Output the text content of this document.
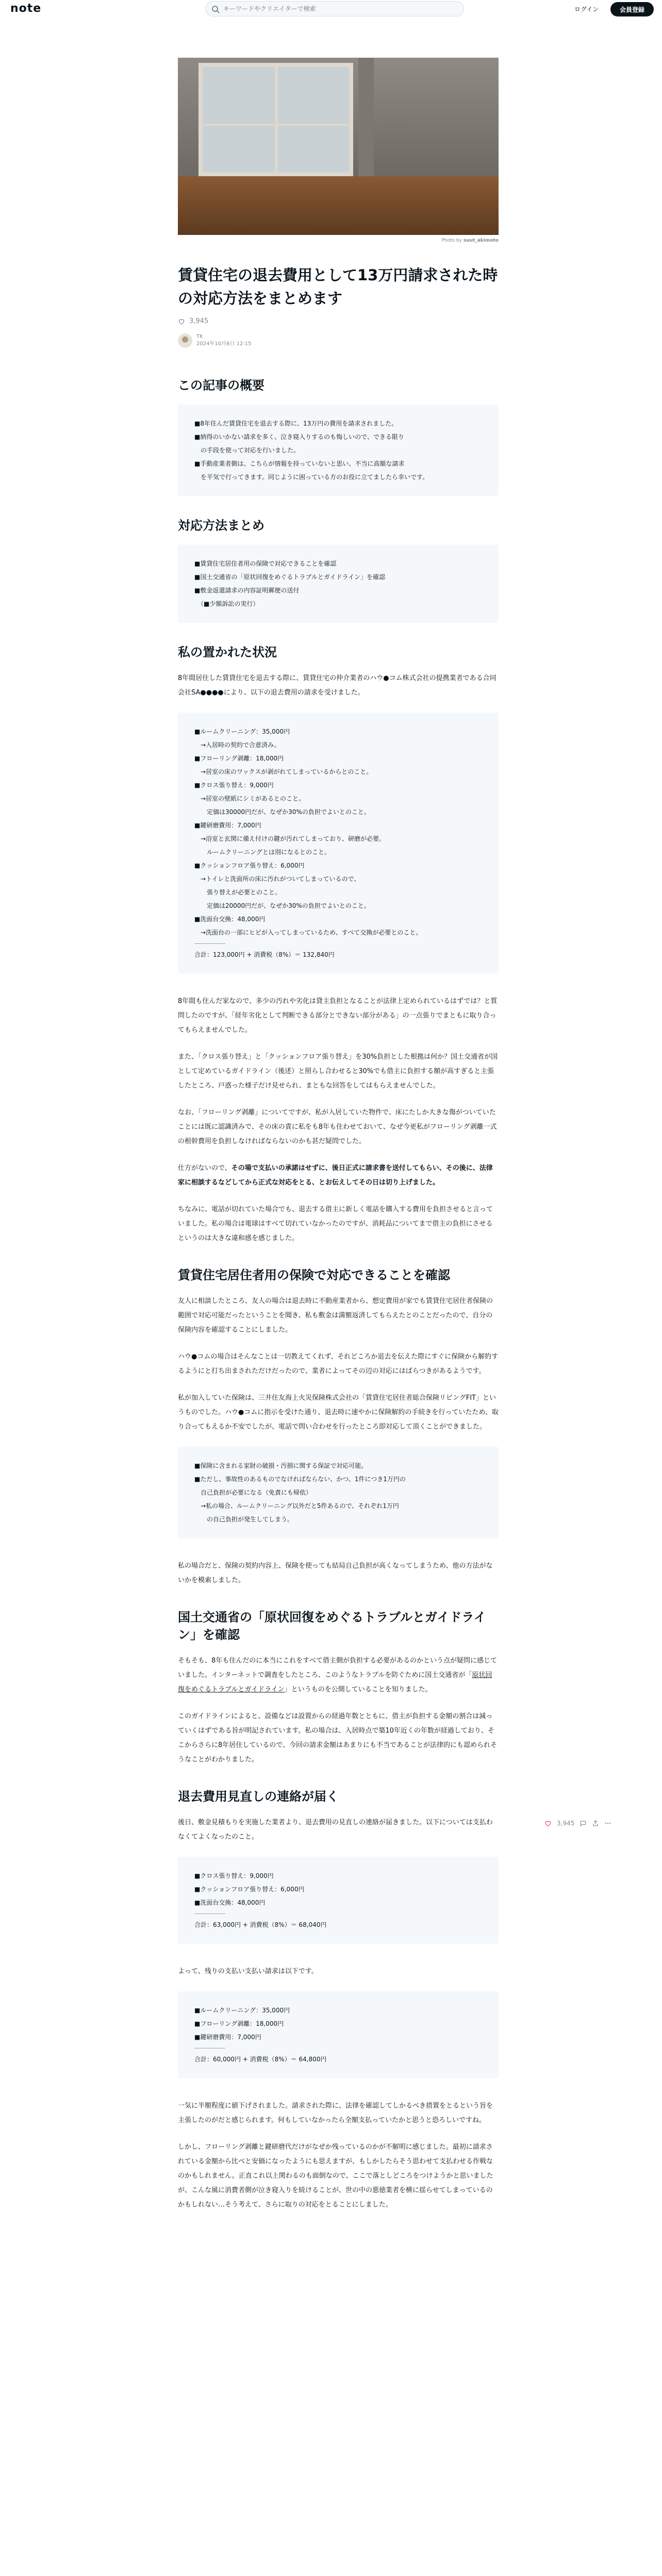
note
キーワードやクリエイターで検索	ログイン	会員登録
Photo by suut_akimoto
賃貸住宅の退去費用として13万円請求された時の対応方法をまとめます
3,945
TK
2024年10月6日 12:15
この記事の概要
■8年住んだ賃貸住宅を退去する際に、13万円の費用を請求されました。
■納得のいかない請求を多く、泣き寝入りするのも悔しいので、できる限り
　の手段を使って対応を行いました。
■手動産業者側は、こちらが情報を持っていないと思い、不当に高額な請求
　を平気で行ってきます。同じように困っている方のお役に立てましたら幸いです。
対応方法まとめ
■賃貸住宅居住者用の保険で対応できることを確認
■国土交通省の「原状回復をめぐるトラブルとガイドライン」を確認
■敷金返還請求の内容証明郵便の送付
　（■少額訴訟の実行）
私の置かれた状況

8年間居住した賃貸住宅を退去する際に、賃貸住宅の仲介業者のハウ●コム株式会社の提携業者である合同会社SA●●●●により、以下の退去費用の請求を受けました。

■ルームクリーニング：35,000円
　→入居時の契約で合意済み。
■フローリング剥離：18,000円
　→居室の床のワックスが剥がれてしまっているからとのこと。
■クロス張り替え：9,000円
　→居室の壁紙にシミがあるとのこと。
　　定価は30000円だが、なぜか30%の負担でよいとのこと。
■鍵研磨費用：7,000円
　→浴室と玄関に備え付けの鍵が汚れてしまっており、研磨が必要。
　　ルームクリーニングとは別になるとのこと。
■クッションフロア張り替え：6,000円
　→トイレと洗面所の床に汚れがついてしまっているので、
　　張り替えが必要とのこと。
　　定価は20000円だが、なぜか30%の負担でよいとのこと。
■洗面台交換：48,000円
　→洗面台の一部にヒビが入ってしまっているため、すべて交換が必要とのこと。
合計：123,000円 + 消費税（8%）＝ 132,840円

8年間も住んだ家なので、多少の汚れや劣化は貸主負担となることが法律上定められているはずでは？と質問したのですが、「経年劣化として判断できる部分とできない部分がある」の一点張りでまともに取り合ってもらえませんでした。

また、「クロス張り替え」と「クッションフロア張り替え」を30%負担とした根拠は何か？国土交通省が国として定めているガイドライン（後述）と照らし合わせると30%でも借主に負担する額が高すぎると主張したところ、戸惑った様子だけ見せられ、まともな回答をしてはもらえませんでした。

なお、「フローリング剥離」についてですが、私が入居していた物件で、床にたしか大きな傷がついていたことには既に認識済みで、その床の責に私をも8年も住わせておいて、なぜ今更私がフローリング剥離一式の根幹費用を負担しなければならないのかも甚だ疑問でした。

仕方がないので、その場で支払いの承諾はせずに、後日正式に請求書を送付してもらい、その後に、法律家に相談するなどしてから正式な対応をとる、とお伝えしてその日は切り上げました。

ちなみに、電話が切れていた場合でも、退去する借主に新しく電話を購入する費用を負担させると言っていました。私の場合は電球はすべて切れていなかったのですが、消耗品についてまで借主の負担にさせるというのは大きな違和感を感じました。

賃貸住宅居住者用の保険で対応できることを確認

友人に相談したところ、友人の場合は退去時に不動産業者から、想定費用が家でも賃貸住宅居住者保険の範囲で対応可能だったということを聞き、私も敷金は満額返済してもらえたとのことだったので、自分の保険内容を確認することにしました。

ハウ●コムの場合はそんなことは一切教えてくれず、それどころか退去を伝えた際にすぐに保険から解約するようにと打ち出まされただけだったので、業者によってその辺の対応にはばらつきがあるようです。

私が加入していた保険は、三井住友海上火災保険株式会社の「賃貸住宅居住者総合保険リビングFIT」というものでした。ハウ●コムに指示を受けた通り、退去時に速やかに保険解約の手続きを行っていたため、取り合ってもえるか不安でしたが、電話で問い合わせを行ったところ即対応して頂くことができました。

■保険に含まれる家財の破損・汚損に関する保証で対応可能。
■ただし、事故性のあるものでなければならない、かつ、1件につき1万円の
　自己負担が必要になる（免責にも帰依）
　→私の場合、ルームクリーニング以外だと5件あるので、それぞれ1万円
　　の自己負担が発生してしまう。

私の場合だと、保険の契約内容上、保険を使っても結局自己負担が高くなってしまうため、他の方法がないかを模索しました。

国土交通省の「原状回復をめぐるトラブルとガイドライン」を確認

そもそも、8年も住んだのに本当にこれをすべて借主側が負担する必要があるのかという点が疑問に感じていました。インターネットで調査をしたところ、このようなトラブルを防ぐために国土交通省が「原状回復をめぐるトラブルとガイドライン」というものを公開していることを知りました。

このガイドラインによると、設備などは設置からの経過年数とともに、借主が負担する金額の割合は減っていくはずである旨が明記されています。私の場合は、入居時点で築10年近くの年数が経過しており、そこからさらに8年居住しているので、今回の請求金額はあまりにも不当であることが法律的にも認められそうなことがわかりました。

退去費用見直しの連絡が届く

後日、敷金見積もりを実施した業者より、退去費用の見直しの連絡が届きました。以下については支払わなくてよくなったのこと。

■クロス張り替え：9,000円
■クッションフロア張り替え：6,000円
■洗面台交換：48,000円
合計：63,000円 + 消費税（8%）＝ 68,040円

よって、残りの支払い支払い請求は以下です。

■ルームクリーニング：35,000円
■フローリング剥離：18,000円
■鍵研磨費用：7,000円
合計：60,000円 + 消費税（8%）＝ 64,800円

一気に半額程度に値下げされました。請求された際に、法律を確認してしかるべき措置をとるという旨を主張したのがだと感じられます。何もしていなかったら全額支払っていたかと思うと恐ろしいですね。

しかし、フローリング剥離と鍵研磨代だけがなぜか残っているのかが不解明に感じました。最初に請求されている金額から比べと安価になったようにも思えますが、もしかしたらそう思わせて支払わせる作戦なのかもしれません。正直これ以上関わるのも面倒なので、ここで落としどころをつけようかと思いましたが、こんな風に消費者側が泣き寝入りを続けることが、世の中の悪徳業者を横に揺らせてしまっているのかもしれない…そう考えて、さらに取りの対応をとることにしました。

3,945
